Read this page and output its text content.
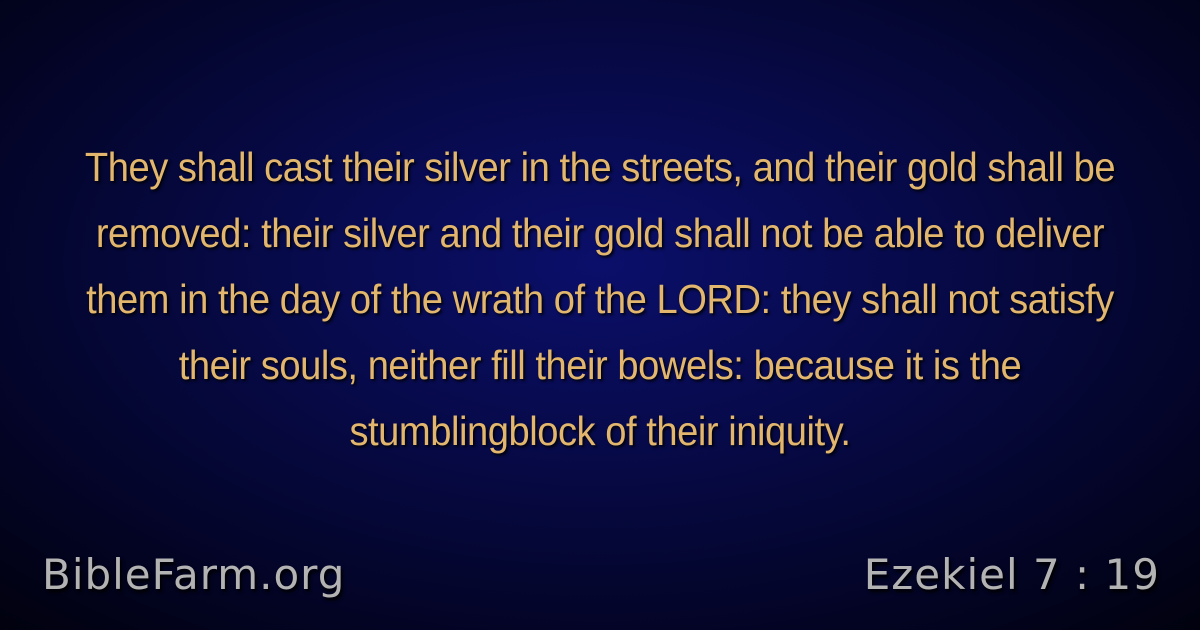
They shall cast their silver in the streets, and their gold shall be removed: their silver and their gold shall not be able to deliver them in the day of the wrath of the LORD: they shall not satisfy their souls, neither fill their bowels: because it is the stumblingblock of their iniquity.

BibleFarm.org	Ezekiel 7 : 19
